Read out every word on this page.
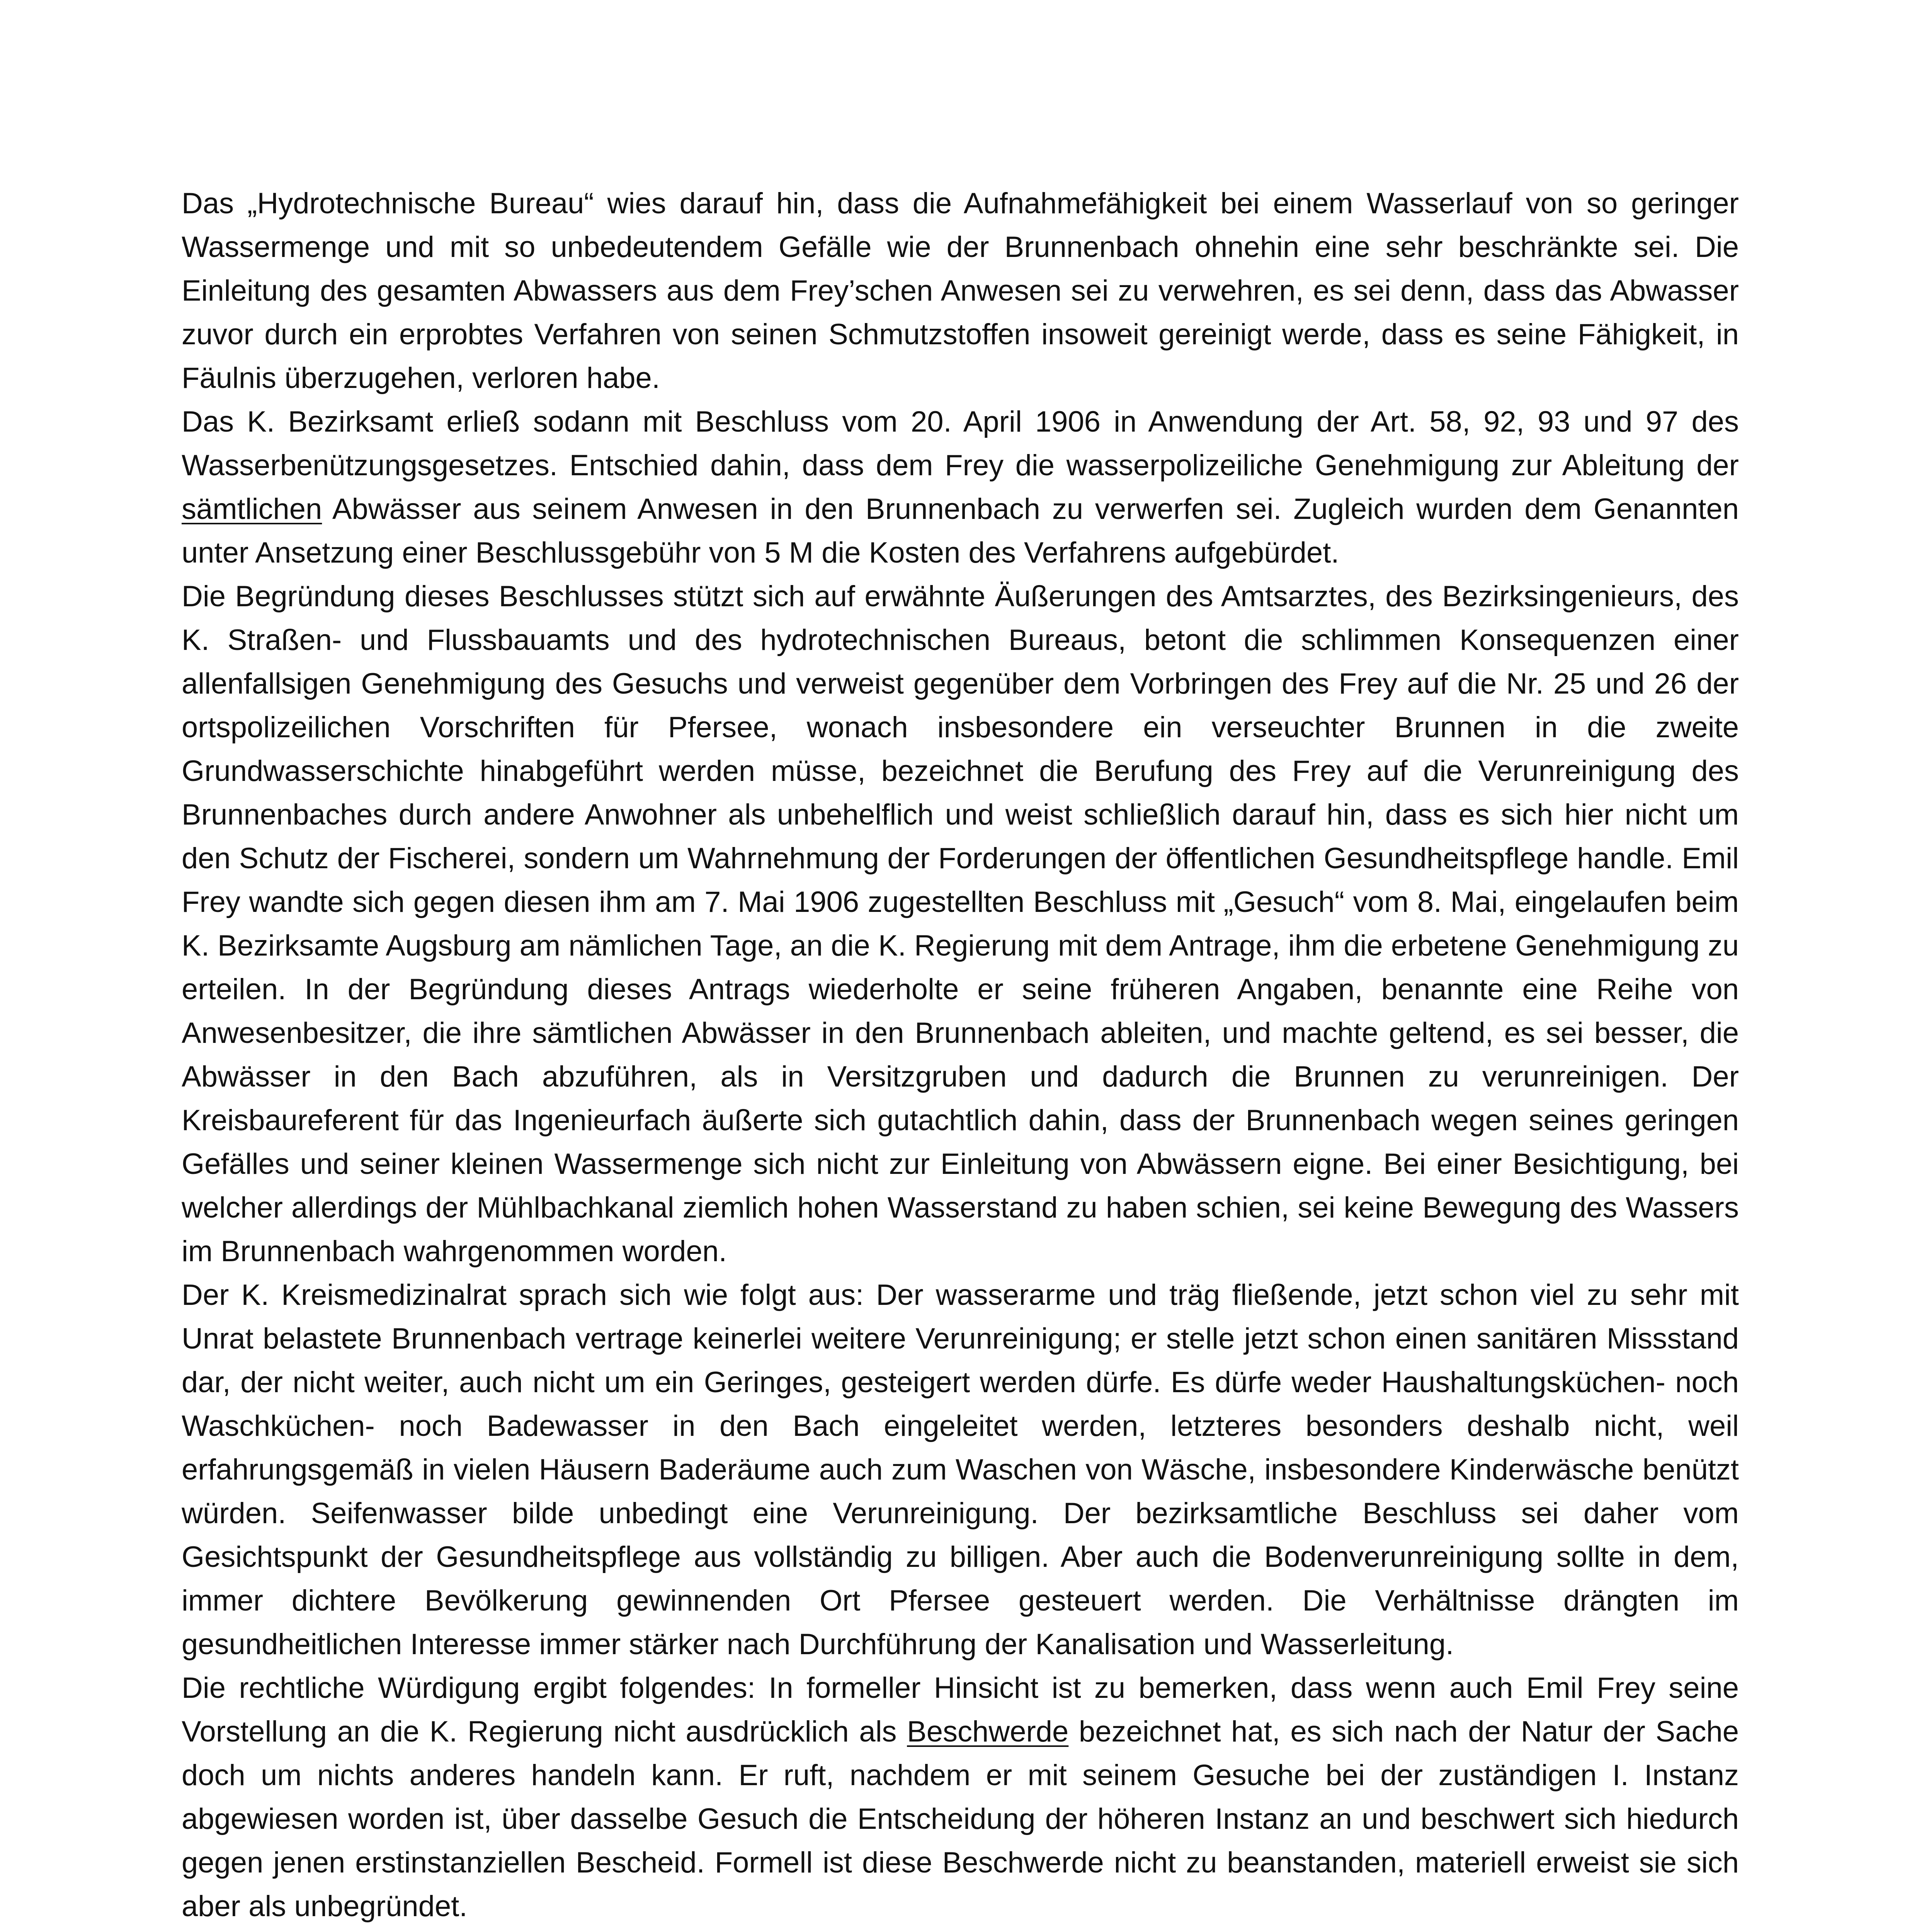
Das „Hydrotechnische Bureau“ wies darauf hin, dass die Aufnahmefähigkeit bei einem Wasserlauf von so geringer Wassermenge und mit so unbedeutendem Gefälle wie der Brunnenbach ohnehin eine sehr beschränkte sei. Die Einleitung des gesamten Abwassers aus dem Frey’schen Anwesen sei zu verwehren, es sei denn, dass das Abwasser zuvor durch ein erprobtes Verfahren von seinen Schmutzstoffen insoweit gereinigt werde, dass es seine Fähigkeit, in Fäulnis überzugehen, verloren habe.

Das K. Bezirksamt erließ sodann mit Beschluss vom 20. April 1906 in Anwendung der Art. 58, 92, 93 und 97 des Wasserbenützungsgesetzes. Entschied dahin, dass dem Frey die wasserpolizeiliche Genehmigung zur Ableitung der sämtlichen Abwässer aus seinem Anwesen in den Brunnenbach zu verwerfen sei. Zugleich wurden dem Genannten unter Ansetzung einer Beschlussgebühr von 5 M die Kosten des Verfahrens aufgebürdet.

Die Begründung dieses Beschlusses stützt sich auf erwähnte Äußerungen des Amtsarztes, des Bezirksingenieurs, des K. Straßen- und Flussbauamts und des hydrotechnischen Bureaus, betont die schlimmen Konsequenzen einer allenfallsigen Genehmigung des Gesuchs und verweist gegenüber dem Vorbringen des Frey auf die Nr. 25 und 26 der ortspolizeilichen Vorschriften für Pfersee, wonach insbesondere ein verseuchter Brunnen in die zweite Grundwasserschichte hinabgeführt werden müsse, bezeichnet die Berufung des Frey auf die Verunreinigung des Brunnenbaches durch andere Anwohner als unbehelflich und weist schließlich darauf hin, dass es sich hier nicht um den Schutz der Fischerei, sondern um Wahrnehmung der Forderungen der öffentlichen Gesundheitspflege handle. Emil Frey wandte sich gegen diesen ihm am 7. Mai 1906 zugestellten Beschluss mit „Gesuch“ vom 8. Mai, eingelaufen beim K. Bezirksamte Augsburg am nämlichen Tage, an die K. Regierung mit dem Antrage, ihm die erbetene Genehmigung zu erteilen. In der Begründung dieses Antrags wiederholte er seine früheren Angaben, benannte eine Reihe von Anwesenbesitzer, die ihre sämtlichen Abwässer in den Brunnenbach ableiten, und machte geltend, es sei besser, die Abwässer in den Bach abzuführen, als in Versitzgruben und dadurch die Brunnen zu verunreinigen. Der Kreisbaureferent für das Ingenieurfach äußerte sich gutachtlich dahin, dass der Brunnenbach wegen seines geringen Gefälles und seiner kleinen Wassermenge sich nicht zur Einleitung von Abwässern eigne. Bei einer Besichtigung, bei welcher allerdings der Mühlbachkanal ziemlich hohen Wasserstand zu haben schien, sei keine Bewegung des Wassers im Brunnenbach wahrgenommen worden.

Der K. Kreismedizinalrat sprach sich wie folgt aus: Der wasserarme und träg fließende, jetzt schon viel zu sehr mit Unrat belastete Brunnenbach vertrage keinerlei weitere Verunreinigung; er stelle jetzt schon einen sanitären Missstand dar, der nicht weiter, auch nicht um ein Geringes, gesteigert werden dürfe. Es dürfe weder Haushaltungsküchen- noch Waschküchen- noch Badewasser in den Bach eingeleitet werden, letzteres besonders deshalb nicht, weil erfahrungsgemäß in vielen Häusern Baderäume auch zum Waschen von Wäsche, insbesondere Kinderwäsche benützt würden. Seifenwasser bilde unbedingt eine Verunreinigung. Der bezirksamtliche Beschluss sei daher vom Gesichtspunkt der Gesundheitspflege aus vollständig zu billigen. Aber auch die Bodenverunreinigung sollte in dem, immer dichtere Bevölkerung gewinnenden Ort Pfersee gesteuert werden. Die Verhältnisse drängten im gesundheitlichen Interesse immer stärker nach Durchführung der Kanalisation und Wasserleitung.

Die rechtliche Würdigung ergibt folgendes: In formeller Hinsicht ist zu bemerken, dass wenn auch Emil Frey seine Vorstellung an die K. Regierung nicht ausdrücklich als Beschwerde bezeichnet hat, es sich nach der Natur der Sache doch um nichts anderes handeln kann. Er ruft, nachdem er mit seinem Gesuche bei der zuständigen I. Instanz abgewiesen worden ist, über dasselbe Gesuch die Entscheidung der höheren Instanz an und beschwert sich hiedurch gegen jenen erstinstanziellen Bescheid. Formell ist diese Beschwerde nicht zu beanstanden, materiell erweist sie sich aber als unbegründet.
